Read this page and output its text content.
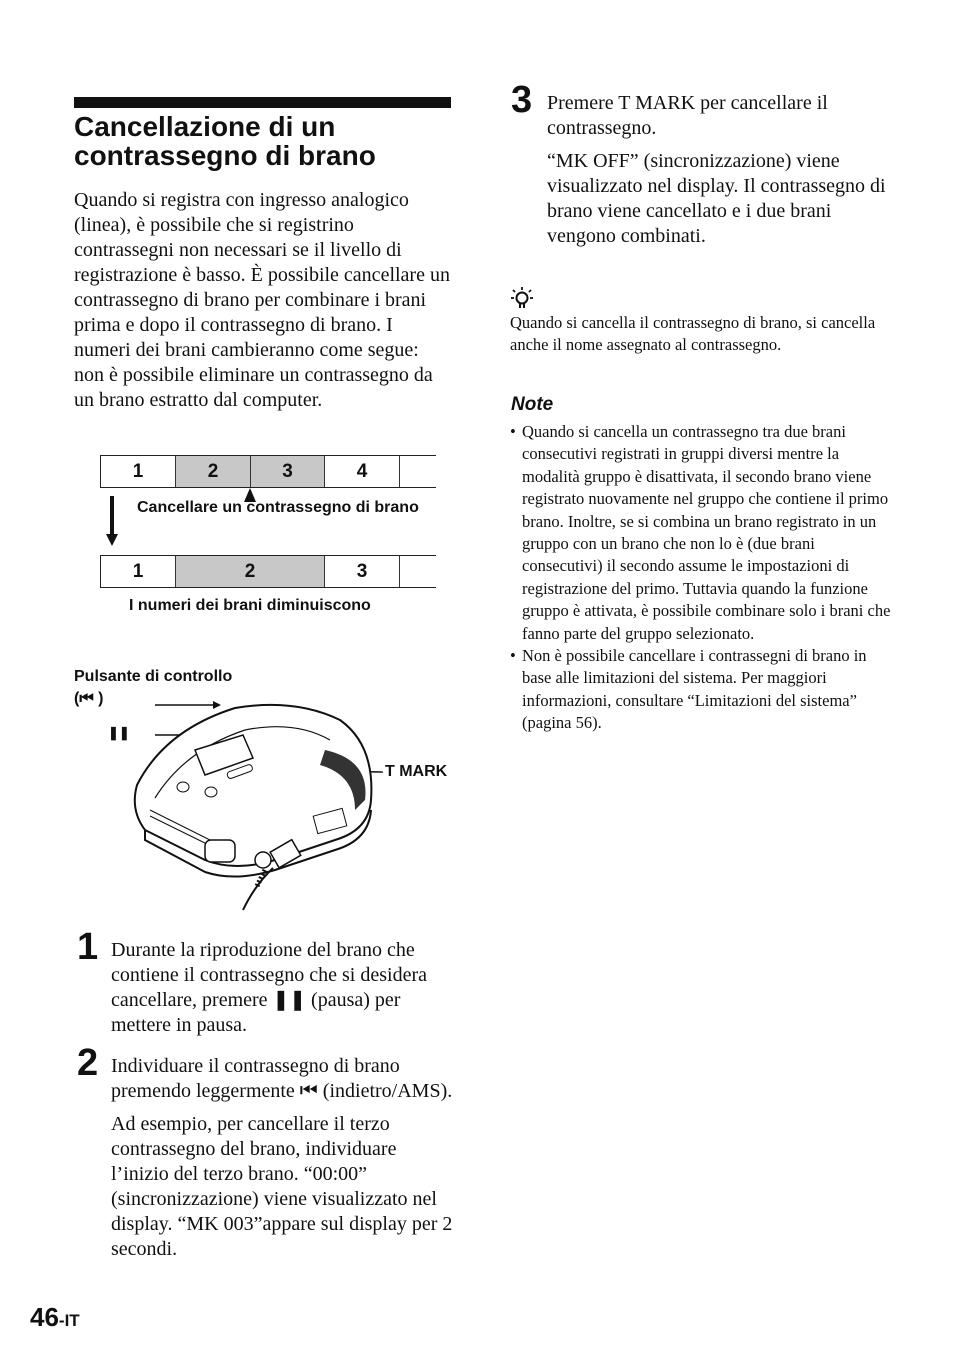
Cancellazione di un contrassegno di brano

Quando si registra con ingresso analogico (linea), è possibile che si registrino contrassegni non necessari se il livello di registrazione è basso. È possibile cancellare un contrassegno di brano per combinare i brani prima e dopo il contrassegno di brano. I numeri dei brani cambieranno come segue:

non è possibile eliminare un contrassegno da un brano estratto dal computer.

1	2	3	4
Cancellare un contrassegno di brano
1	2	3
I numeri dei brani diminuiscono
Pulsante di controllo
(⏮ )
❚❚
T MARK
1 Durante la riproduzione del brano che contiene il contrassegno che si desidera cancellare, premere ❚❚ (pausa) per mettere in pausa.

2 Individuare il contrassegno di brano premendo leggermente ⏮ (indietro/AMS).

Ad esempio, per cancellare il terzo contrassegno del brano, individuare l’inizio del terzo brano. “00:00” (sincronizzazione) viene visualizzato nel display. “MK 003”appare sul display per 2 secondi.

3 Premere T MARK per cancellare il contrassegno.

“MK OFF” (sincronizzazione) viene visualizzato nel display. Il contrassegno di brano viene cancellato e i due brani vengono combinati.

Quando si cancella il contrassegno di brano, si cancella anche il nome assegnato al contrassegno.
Note
• Quando si cancella un contrassegno tra due brani consecutivi registrati in gruppi diversi mentre la modalità gruppo è disattivata, il secondo brano viene registrato nuovamente nel gruppo che contiene il primo brano. Inoltre, se si combina un brano registrato in un gruppo con un brano che non lo è (due brani consecutivi) il secondo assume le impostazioni di registrazione del primo. Tuttavia quando la funzione gruppo è attivata, è possibile combinare solo i brani che fanno parte del gruppo selezionato.
• Non è possibile cancellare i contrassegni di brano in base alle limitazioni del sistema. Per maggiori informazioni, consultare “Limitazioni del sistema” (pagina 56).
46-IT
